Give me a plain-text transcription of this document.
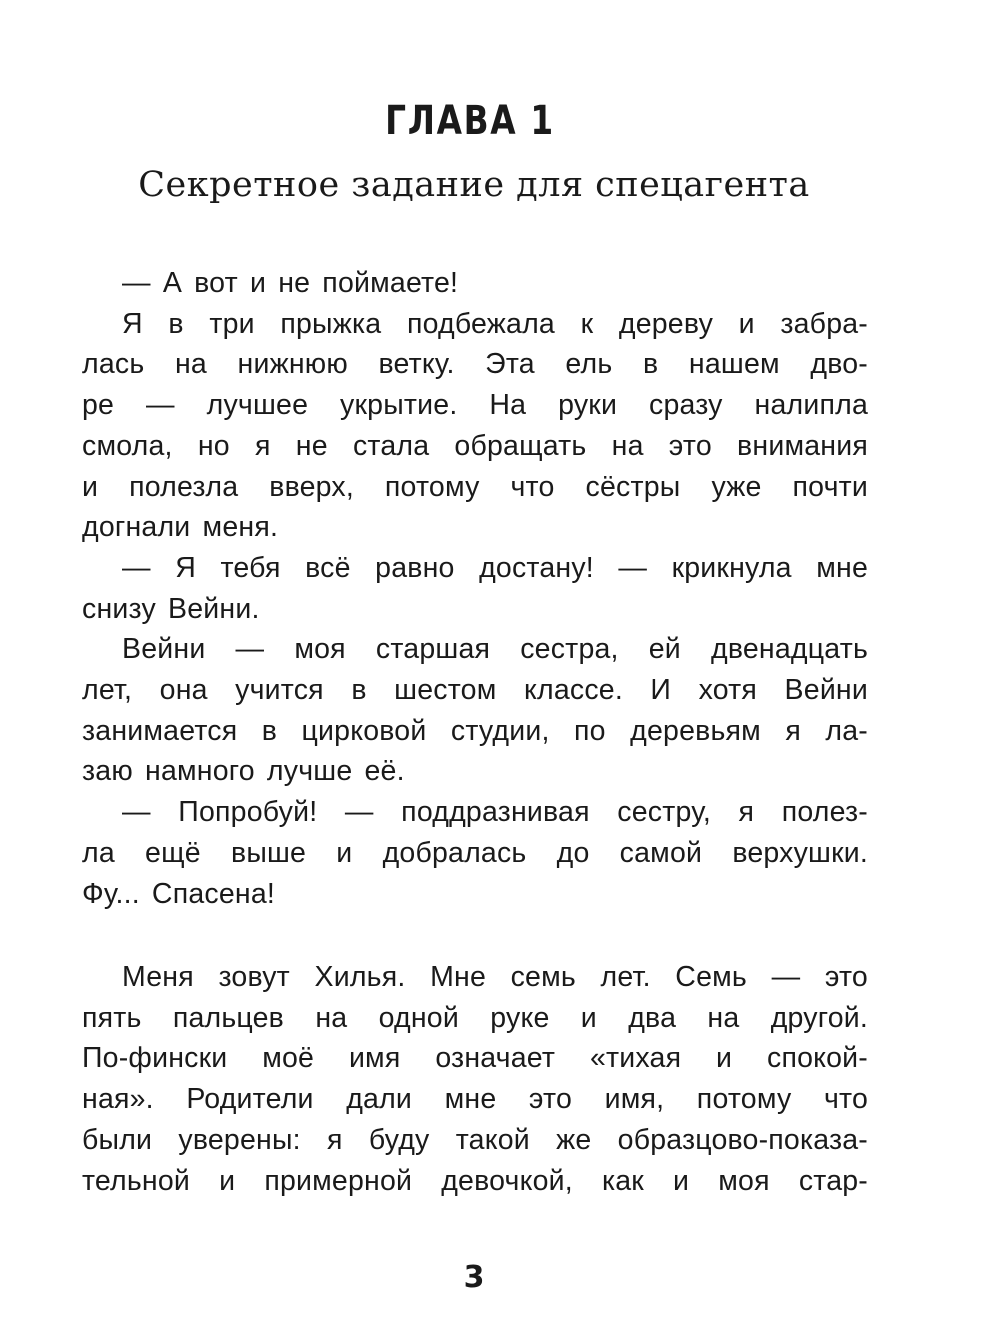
ГЛАВА 1
Секретное задание для спецагента

— А вот и не поймаете!

Я в три прыжка подбежала к дереву и забра-

лась на нижнюю ветку. Эта ель в нашем дво-

ре — лучшее укрытие. На руки сразу налипла

смола, но я не стала обращать на это внимания

и полезла вверх, потому что сёстры уже почти

догнали меня.

— Я тебя всё равно достану! — крикнула мне

снизу Вейни.

Вейни — моя старшая сестра, ей двенадцать

лет, она учится в шестом классе. И хотя Вейни

занимается в цирковой студии, по деревьям я ла-

заю намного лучше её.

— Попробуй! — поддразнивая сестру, я полез-

ла ещё выше и добралась до самой верхушки.

Фу... Спасена!

Меня зовут Хилья. Мне семь лет. Семь — это

пять пальцев на одной руке и два на другой.

По-фински моё имя означает «тихая и спокой-

ная». Родители дали мне это имя, потому что

были уверены: я буду такой же образцово-показа-

тельной и примерной девочкой, как и моя стар-

3
